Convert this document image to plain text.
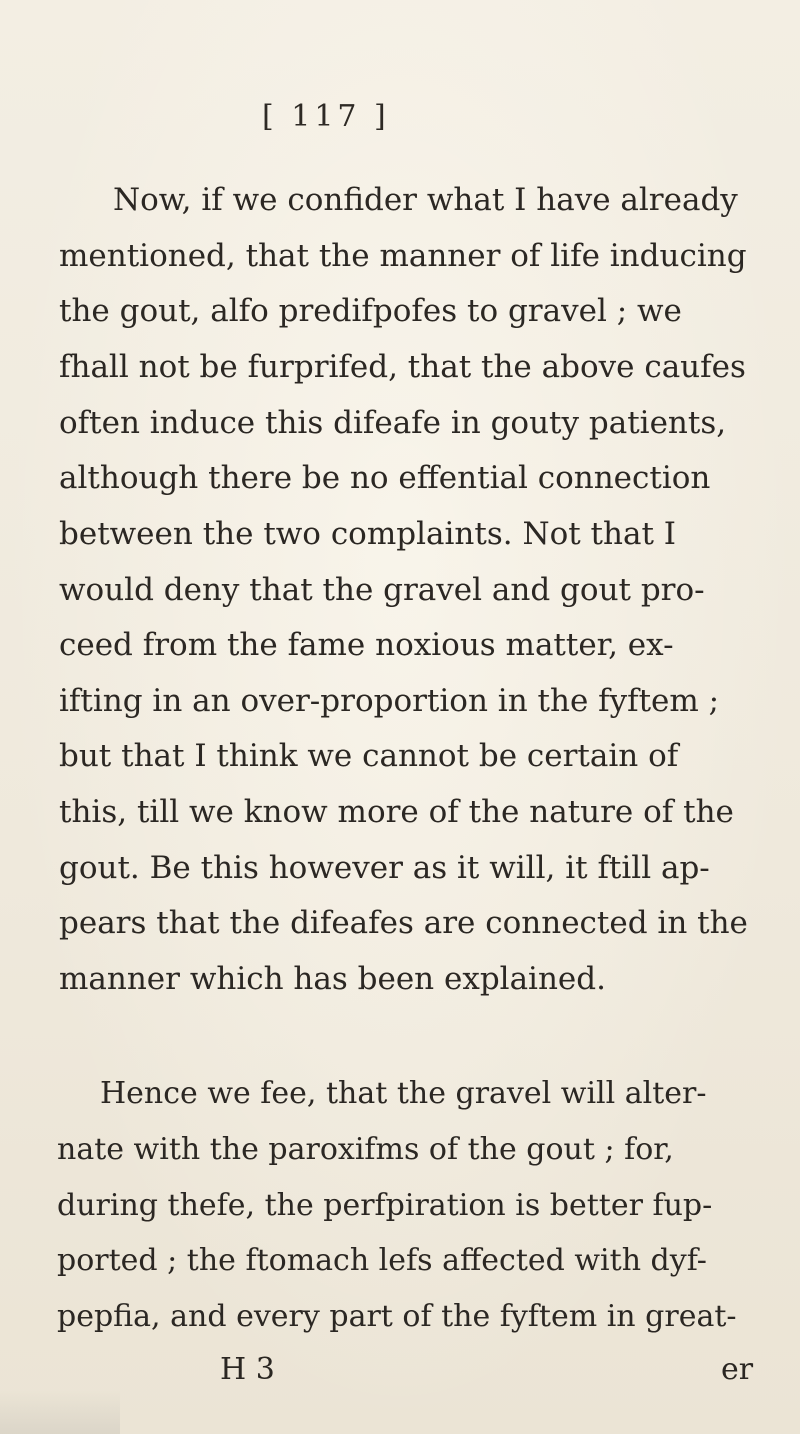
[ 117 ]
Now, if we confider what I have already
mentioned, that the manner of life inducing
the gout, alfo predifpofes to gravel ; we
fhall not be furprifed, that the above caufes
often induce this difeafe in gouty patients,
although there be no effential connection
between the two complaints. Not that I
would deny that the gravel and gout pro-
ceed from the fame noxious matter, ex-
ifting in an over-proportion in the fyftem ;
but that I think we cannot be certain of
this, till we know more of the nature of the
gout. Be this however as it will, it ftill ap-
pears that the difeafes are connected in the
manner which has been explained.
Hence we fee, that the gravel will alter-
nate with the paroxifms of the gout ; for,
during thefe, the perfpiration is better fup-
ported ; the ftomach lefs affected with dyf-
pepfia, and every part of the fyftem in great-
H 3	er
